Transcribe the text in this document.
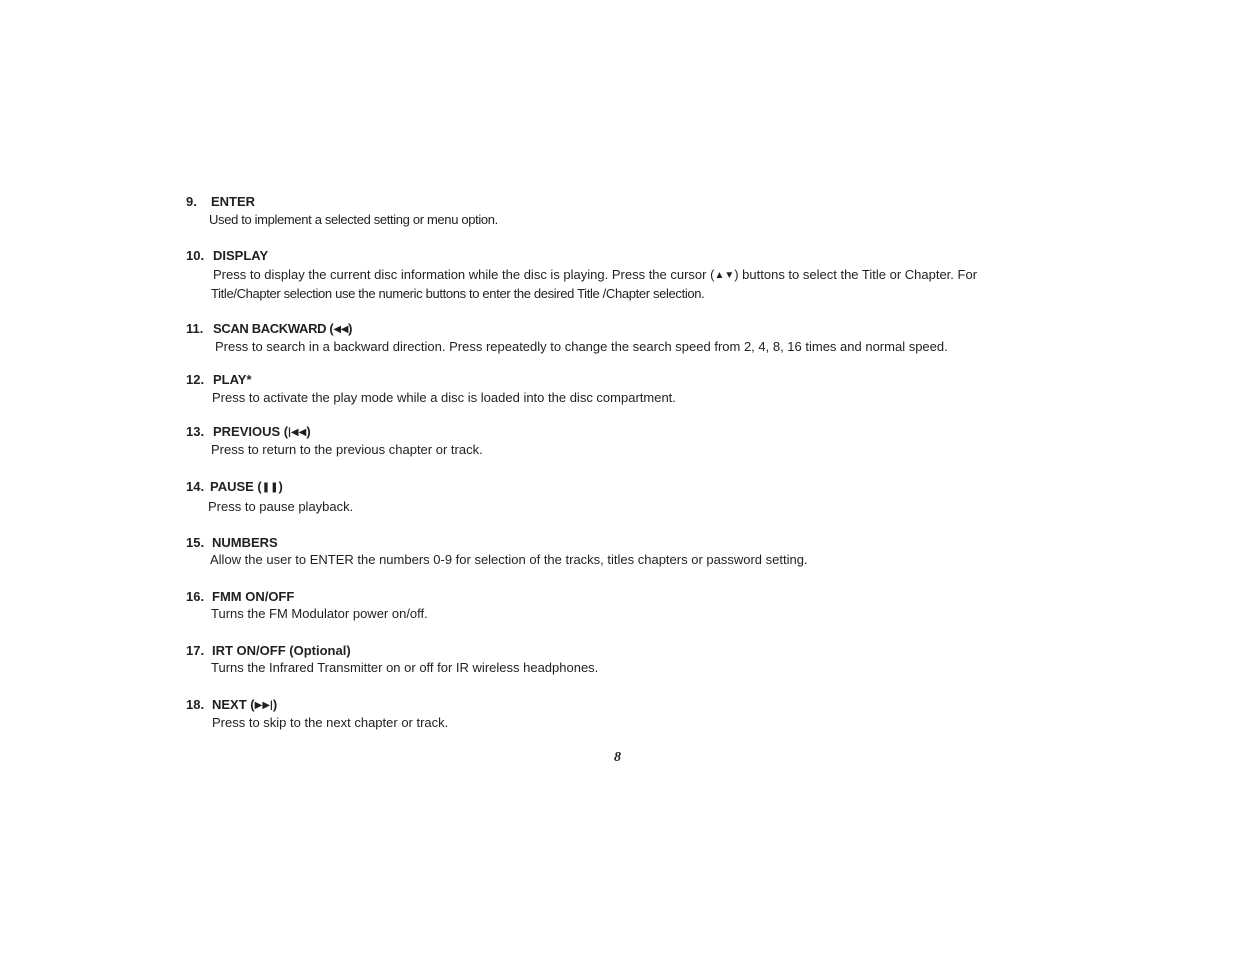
9. ENTER
Used to implement a selected setting or menu option.
10. DISPLAY
Press to display the current disc information while the disc is playing. Press the cursor (▲▼) buttons to select the Title or Chapter. For
Title/Chapter selection use the numeric buttons to enter the desired Title /Chapter selection.
11. SCAN BACKWARD (◀◀)
Press to search in a backward direction. Press repeatedly to change the search speed from 2, 4, 8, 16 times and normal speed.
12. PLAY*
Press to activate the play mode while a disc is loaded into the disc compartment.
13. PREVIOUS (|◀◀)
Press to return to the previous chapter or track.
14. PAUSE (❚❚)
Press to pause playback.
15. NUMBERS
Allow the user to ENTER the numbers 0-9 for selection of the tracks, titles chapters or password setting.
16. FMM ON/OFF
Turns the FM Modulator power on/off.
17. IRT ON/OFF (Optional)
Turns the Infrared Transmitter on or off for IR wireless headphones.
18. NEXT (▶▶|)
Press to skip to the next chapter or track.
8
